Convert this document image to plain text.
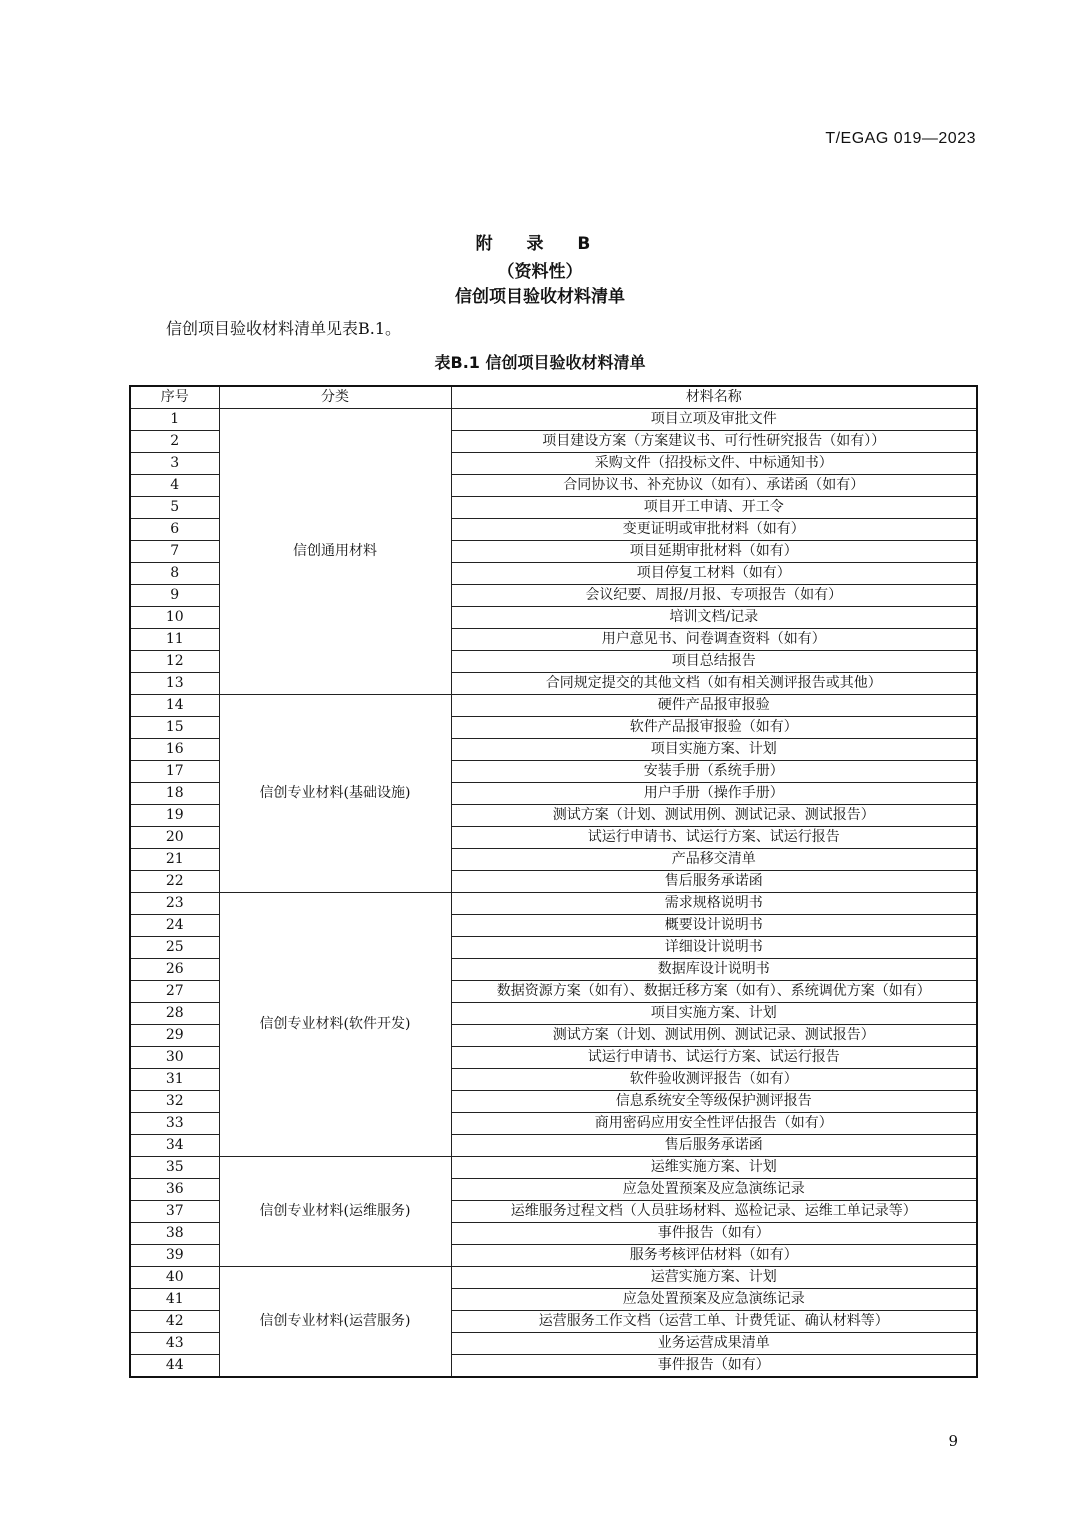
T/EGAG 019—2023
附 录 B
（资料性）
信创项目验收材料清单
信创项目验收材料清单见表B.1。
表B.1 信创项目验收材料清单
序号	分类	材料名称
1	信创通用材料	项目立项及审批文件
2		项目建设方案（方案建议书、可行性研究报告（如有））
3		采购文件（招投标文件、中标通知书）
4		合同协议书、补充协议（如有）、承诺函（如有）
5		项目开工申请、开工令
6		变更证明或审批材料（如有）
7		项目延期审批材料（如有）
8		项目停复工材料（如有）
9		会议纪要、周报/月报、专项报告（如有）
10		培训文档/记录
11		用户意见书、问卷调查资料（如有）
12		项目总结报告
13		合同规定提交的其他文档（如有相关测评报告或其他）
14	信创专业材料(基础设施)	硬件产品报审报验
15		软件产品报审报验（如有）
16		项目实施方案、计划
17		安装手册（系统手册）
18		用户手册（操作手册）
19		测试方案（计划、测试用例、测试记录、测试报告）
20		试运行申请书、试运行方案、试运行报告
21		产品移交清单
22		售后服务承诺函
23	信创专业材料(软件开发)	需求规格说明书
24		概要设计说明书
25		详细设计说明书
26		数据库设计说明书
27		数据资源方案（如有）、数据迁移方案（如有）、系统调优方案（如有）
28		项目实施方案、计划
29		测试方案（计划、测试用例、测试记录、测试报告）
30		试运行申请书、试运行方案、试运行报告
31		软件验收测评报告（如有）
32		信息系统安全等级保护测评报告
33		商用密码应用安全性评估报告（如有）
34		售后服务承诺函
35	信创专业材料(运维服务)	运维实施方案、计划
36		应急处置预案及应急演练记录
37		运维服务过程文档（人员驻场材料、巡检记录、运维工单记录等）
38		事件报告（如有）
39		服务考核评估材料（如有）
40	信创专业材料(运营服务)	运营实施方案、计划
41		应急处置预案及应急演练记录
42		运营服务工作文档（运营工单、计费凭证、确认材料等）
43		业务运营成果清单
44		事件报告（如有）
9
